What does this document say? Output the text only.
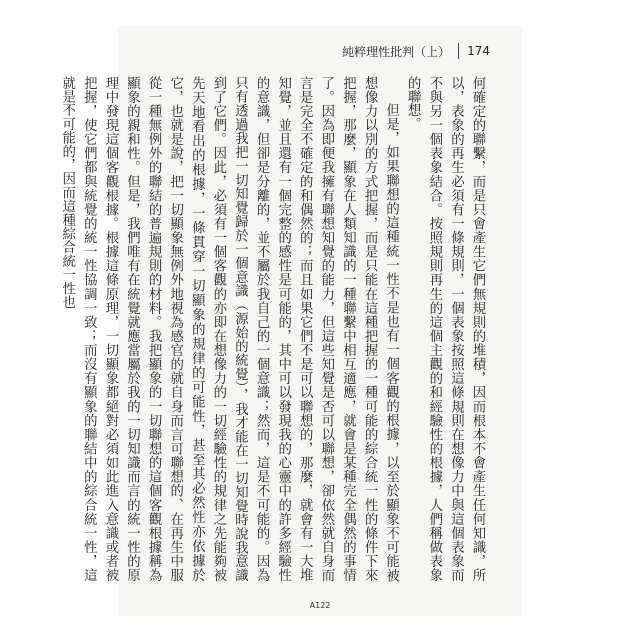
純粹理性批判（上） 174

何確定的聯繫，而是只會產生它們無規則的堆積，因而根本不會產生任何知識，所以，表象的再生必須有一條規則，一個表象按照這條規則在想像力中與這個表象而不與另一個表象結合。按照規則再生的這個主觀的和經驗性的根據，人們稱做表象的聯想。

但是，如果聯想的這種統一性不是也有一個客觀的根據，以至於顯象不可能被想像力以別的方式把握，而是只能在這種把握的一種可能的綜合統一性的條件下來把握，那麼，顯象在人類知識的一種聯繫中相互適應，就會是某種完全偶然的事情了。因為即便我擁有聯想知覺的能力，但這些知覺是否可以聯想，卻依然就自身而言是完全不確定的和偶然的；而且如果它們不是可以聯想的，那麼，就會有一大堆知覺，並且還有一個完整的感性是可能的，其中可以發現我的心靈中的許多經驗性的意識，但卻是分離的，並不屬於我自己的一個意識；然而，這是不可能的。因為只有透過我把一切知覺歸於一個意識（源始的統覺），我才能在一切知覺時說我意識到了它們。因此，必須有一個客觀的亦即在想像力的一切經驗性的規律之先能夠被先天地看出的根據，一條貫穿一切顯象的規律的可能性，甚至其必然性亦依據於它，也就是說，把一切顯象無例外地視為感官的就自身而言可聯想的、在再生中服從一種無例外的聯結的普遍規則的材料。我把顯象的一切聯想的這個客觀根據稱為顯象的親和性。但是，我們唯有在統覺就應當屬於我的一切知識而言的統一性的原理中發現這個客觀根據。根據這條原理，一切顯象都絕對必須如此進入意識或者被把握，使它們都與統覺的統一性協調一致；而沒有顯象的聯結中的綜合統一性，這就是不可能的，因而這種綜合統一性也

A122
